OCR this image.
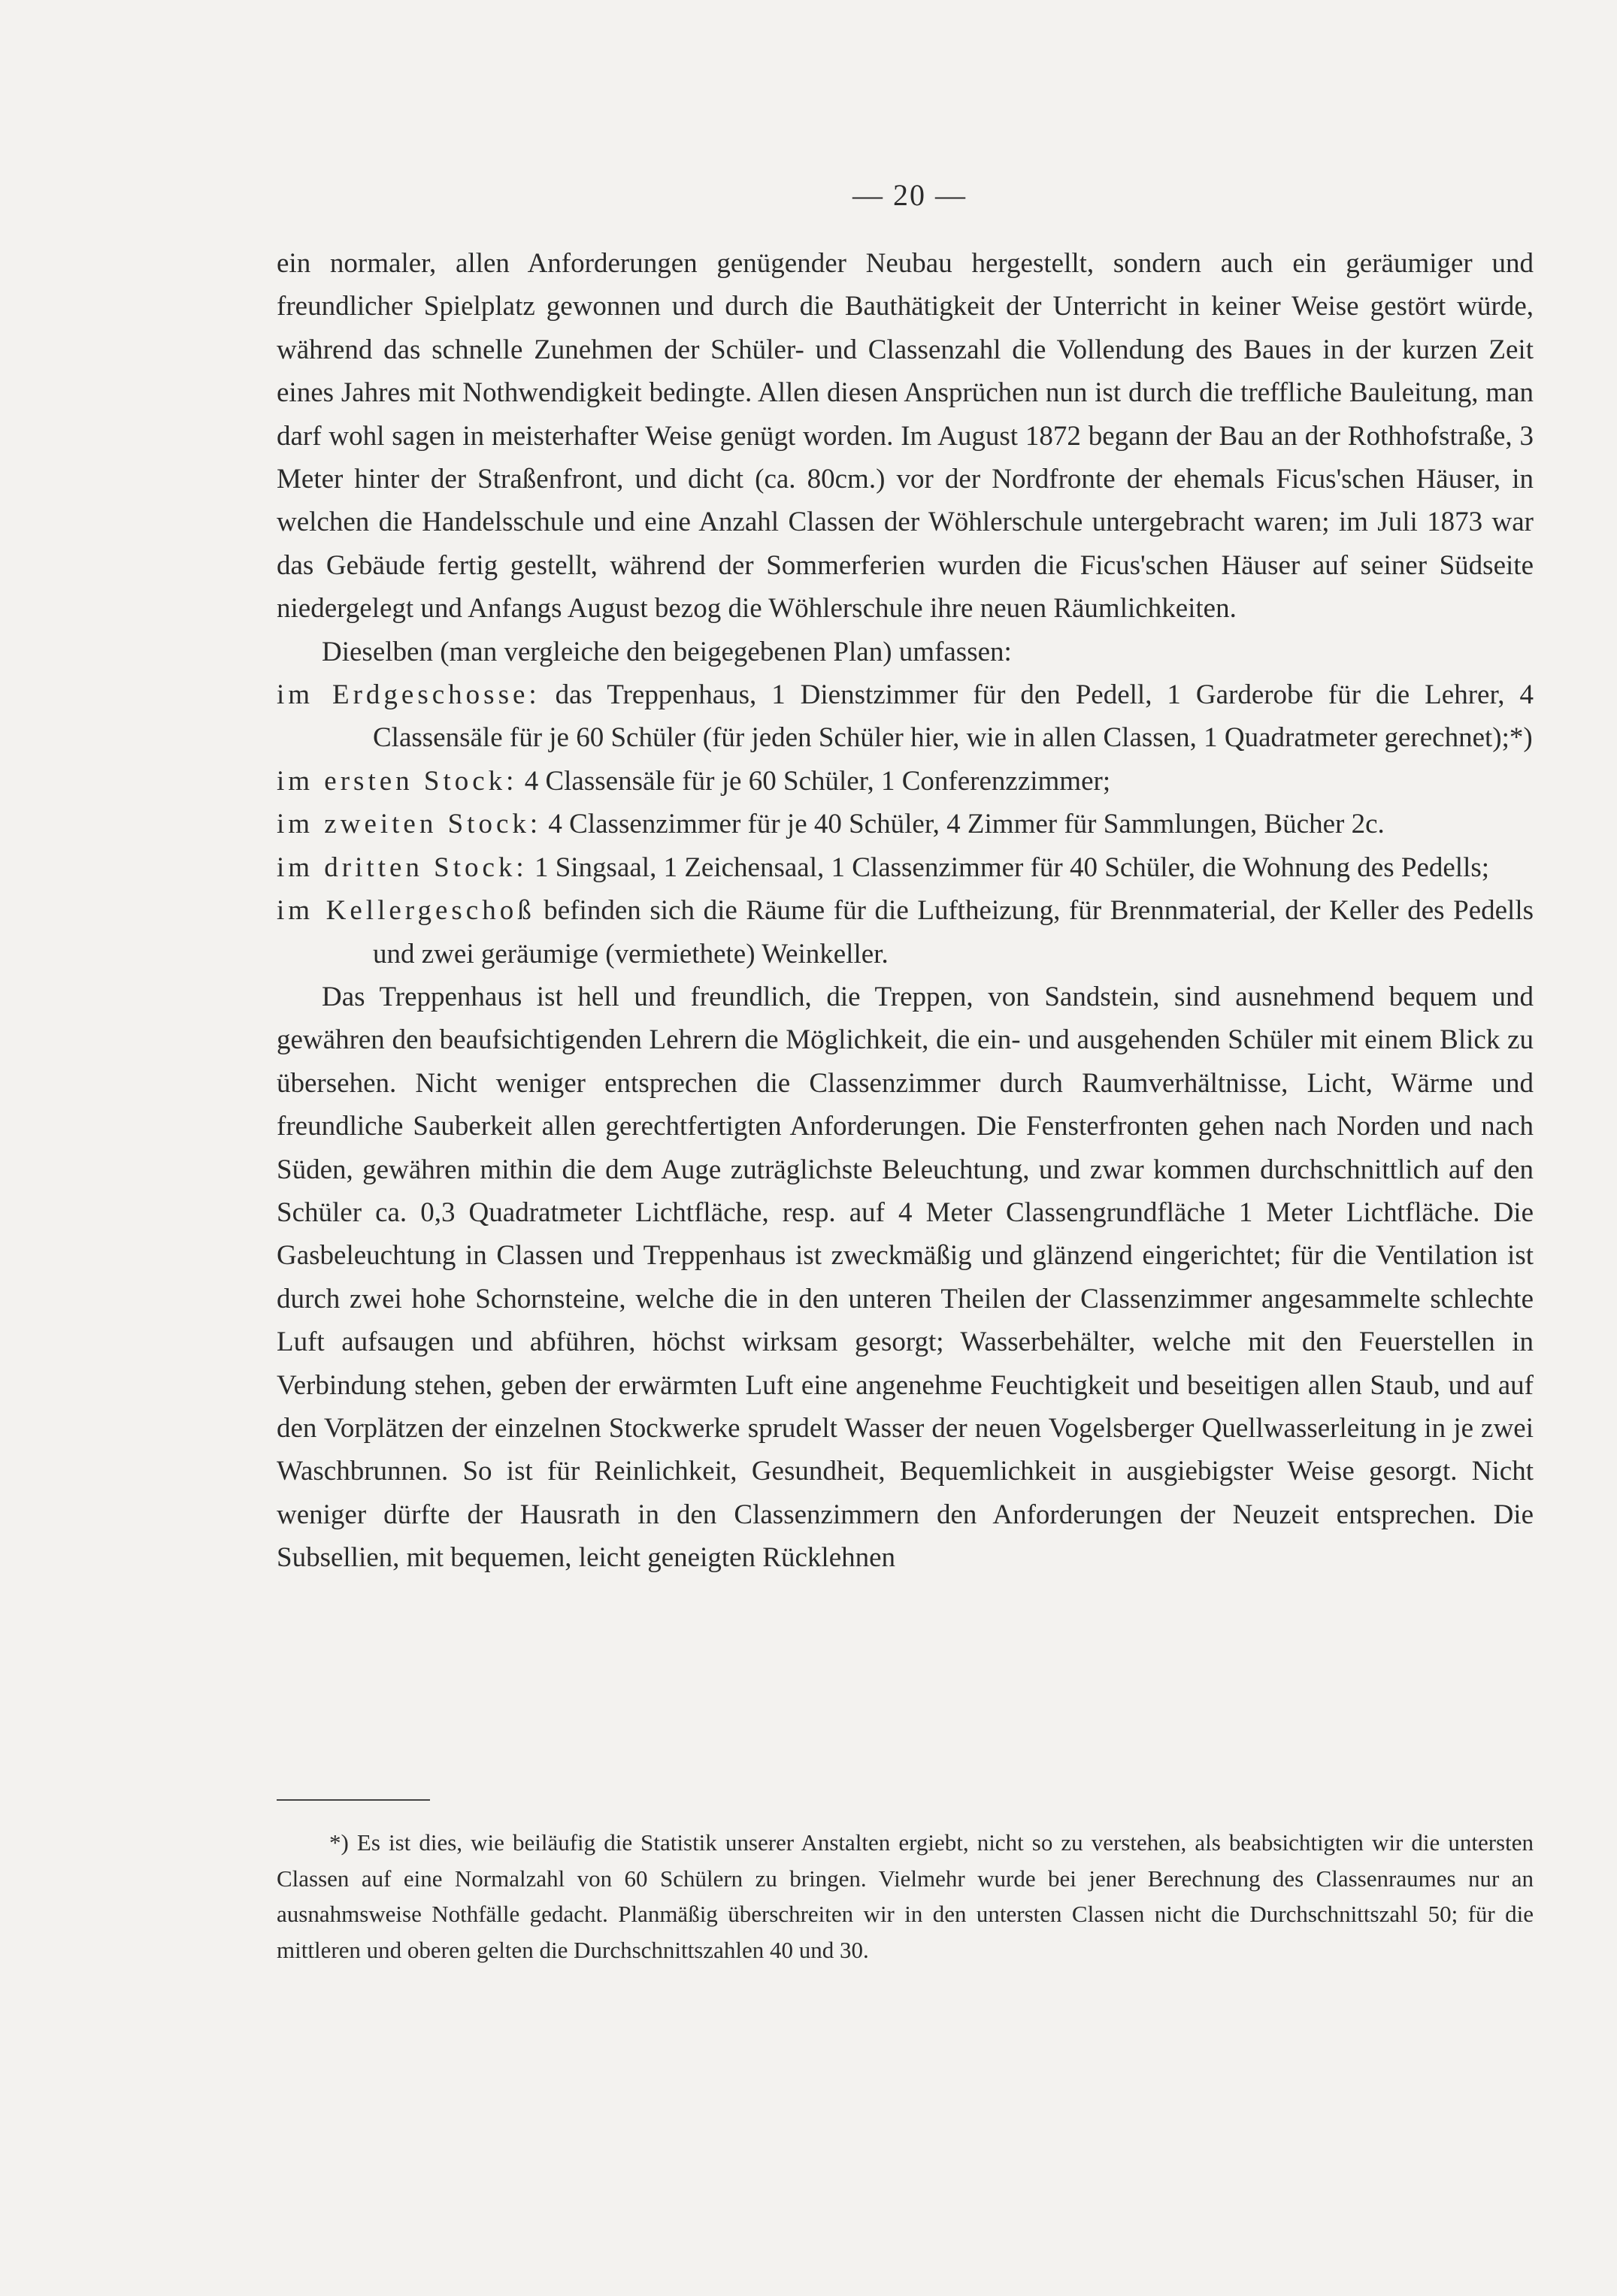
— 20 —

ein normaler, allen Anforderungen genügender Neubau hergestellt, sondern auch ein geräumiger und freundlicher Spielplatz gewonnen und durch die Bauthätigkeit der Unterricht in keiner Weise gestört würde, während das schnelle Zunehmen der Schüler- und Classenzahl die Vollendung des Baues in der kurzen Zeit eines Jahres mit Nothwendigkeit bedingte. Allen diesen Ansprüchen nun ist durch die treffliche Bauleitung, man darf wohl sagen in meisterhafter Weise genügt worden. Im August 1872 begann der Bau an der Rothhofstraße, 3 Meter hinter der Straßenfront, und dicht (ca. 80cm.) vor der Nordfronte der ehemals Ficus'schen Häuser, in welchen die Handelsschule und eine Anzahl Classen der Wöhlerschule untergebracht waren; im Juli 1873 war das Gebäude fertig gestellt, während der Sommerferien wurden die Ficus'schen Häuser auf seiner Südseite niedergelegt und Anfangs August bezog die Wöhlerschule ihre neuen Räumlichkeiten.

Dieselben (man vergleiche den beigegebenen Plan) umfassen:

im Erdgeschosse: das Treppenhaus, 1 Dienstzimmer für den Pedell, 1 Garderobe für die Lehrer, 4 Classensäle für je 60 Schüler (für jeden Schüler hier, wie in allen Classen, 1 Quadratmeter gerechnet);*)

im ersten Stock: 4 Classensäle für je 60 Schüler, 1 Conferenzzimmer;

im zweiten Stock: 4 Classenzimmer für je 40 Schüler, 4 Zimmer für Sammlungen, Bücher 2c.

im dritten Stock: 1 Singsaal, 1 Zeichensaal, 1 Classenzimmer für 40 Schüler, die Wohnung des Pedells;

im Kellergeschoß befinden sich die Räume für die Luftheizung, für Brennmaterial, der Keller des Pedells und zwei geräumige (vermiethete) Weinkeller.

Das Treppenhaus ist hell und freundlich, die Treppen, von Sandstein, sind ausnehmend bequem und gewähren den beaufsichtigenden Lehrern die Möglichkeit, die ein- und ausgehenden Schüler mit einem Blick zu übersehen. Nicht weniger entsprechen die Classenzimmer durch Raumverhältnisse, Licht, Wärme und freundliche Sauberkeit allen gerechtfertigten Anforderungen. Die Fensterfronten gehen nach Norden und nach Süden, gewähren mithin die dem Auge zuträglichste Beleuchtung, und zwar kommen durchschnittlich auf den Schüler ca. 0,3 Quadratmeter Lichtfläche, resp. auf 4 Meter Classengrundfläche 1 Meter Lichtfläche. Die Gasbeleuchtung in Classen und Treppenhaus ist zweckmäßig und glänzend eingerichtet; für die Ventilation ist durch zwei hohe Schornsteine, welche die in den unteren Theilen der Classenzimmer angesammelte schlechte Luft aufsaugen und abführen, höchst wirksam gesorgt; Wasserbehälter, welche mit den Feuerstellen in Verbindung stehen, geben der erwärmten Luft eine angenehme Feuchtigkeit und beseitigen allen Staub, und auf den Vorplätzen der einzelnen Stockwerke sprudelt Wasser der neuen Vogelsberger Quellwasserleitung in je zwei Waschbrunnen. So ist für Reinlichkeit, Gesundheit, Bequemlichkeit in ausgiebigster Weise gesorgt. Nicht weniger dürfte der Hausrath in den Classenzimmern den Anforderungen der Neuzeit entsprechen. Die Subsellien, mit bequemen, leicht geneigten Rücklehnen

*) Es ist dies, wie beiläufig die Statistik unserer Anstalten ergiebt, nicht so zu verstehen, als beabsichtigten wir die untersten Classen auf eine Normalzahl von 60 Schülern zu bringen. Vielmehr wurde bei jener Berechnung des Classenraumes nur an ausnahmsweise Nothfälle gedacht. Planmäßig überschreiten wir in den untersten Classen nicht die Durchschnittszahl 50; für die mittleren und oberen gelten die Durchschnittszahlen 40 und 30.
